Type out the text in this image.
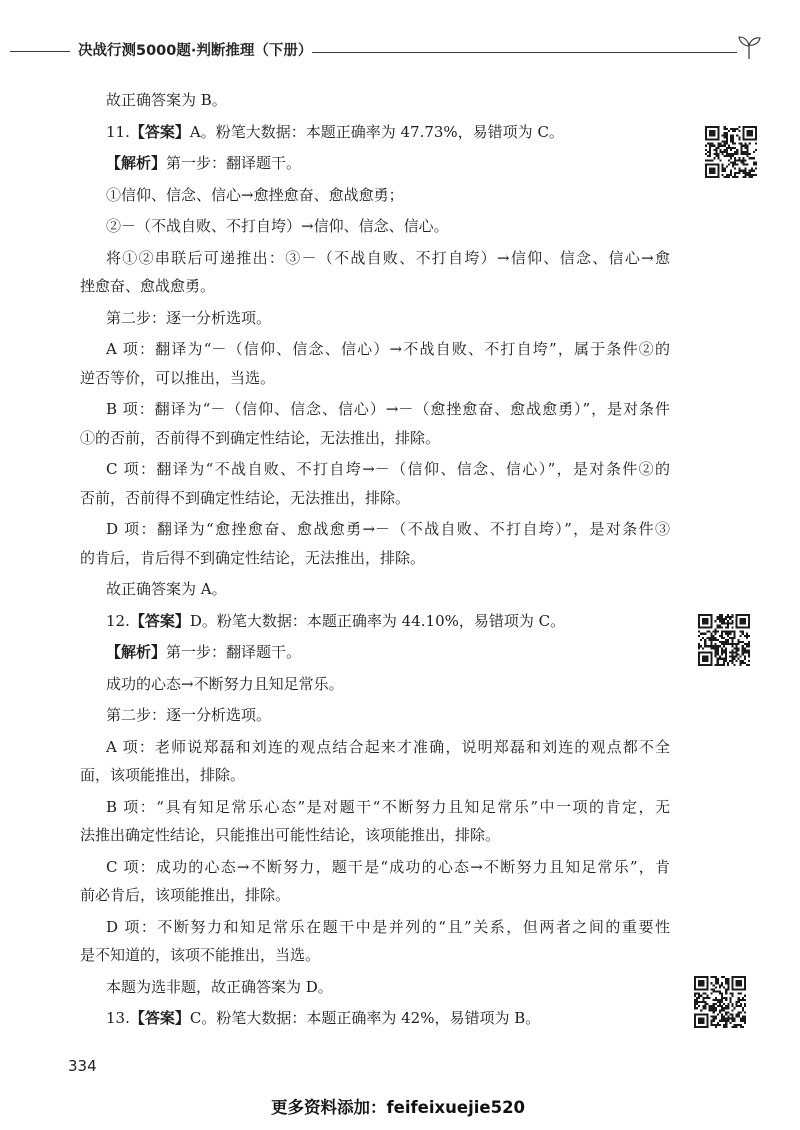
决战行测5000题·判断推理（下册）
故正确答案为 B。
11.【答案】A。粉笔大数据：本题正确率为 47.73%，易错项为 C。
【解析】第一步：翻译题干。
①信仰、信念、信心→愈挫愈奋、愈战愈勇；
②－（不战自败、不打自垮）→信仰、信念、信心。
将①②串联后可递推出：③－（不战自败、不打自垮）→信仰、信念、信心→愈
挫愈奋、愈战愈勇。
第二步：逐一分析选项。
A 项：翻译为“－（信仰、信念、信心）→不战自败、不打自垮”，属于条件②的
逆否等价，可以推出，当选。
B 项：翻译为“－（信仰、信念、信心）→－（愈挫愈奋、愈战愈勇）”，是对条件
①的否前，否前得不到确定性结论，无法推出，排除。
C 项：翻译为“不战自败、不打自垮→－（信仰、信念、信心）”，是对条件②的
否前，否前得不到确定性结论，无法推出，排除。
D 项：翻译为“愈挫愈奋、愈战愈勇→－（不战自败、不打自垮）”，是对条件③
的肯后，肯后得不到确定性结论，无法推出，排除。
故正确答案为 A。
12.【答案】D。粉笔大数据：本题正确率为 44.10%，易错项为 C。
【解析】第一步：翻译题干。
成功的心态→不断努力且知足常乐。
第二步：逐一分析选项。
A 项：老师说郑磊和刘连的观点结合起来才准确，说明郑磊和刘连的观点都不全
面，该项能推出，排除。
B 项：“具有知足常乐心态”是对题干“不断努力且知足常乐”中一项的肯定，无
法推出确定性结论，只能推出可能性结论，该项能推出，排除。
C 项：成功的心态→不断努力，题干是“成功的心态→不断努力且知足常乐”，肯
前必肯后，该项能推出，排除。
D 项：不断努力和知足常乐在题干中是并列的“且”关系，但两者之间的重要性
是不知道的，该项不能推出，当选。
本题为选非题，故正确答案为 D。
13.【答案】C。粉笔大数据：本题正确率为 42%，易错项为 B。
334
更多资料添加：feifeixuejie520
